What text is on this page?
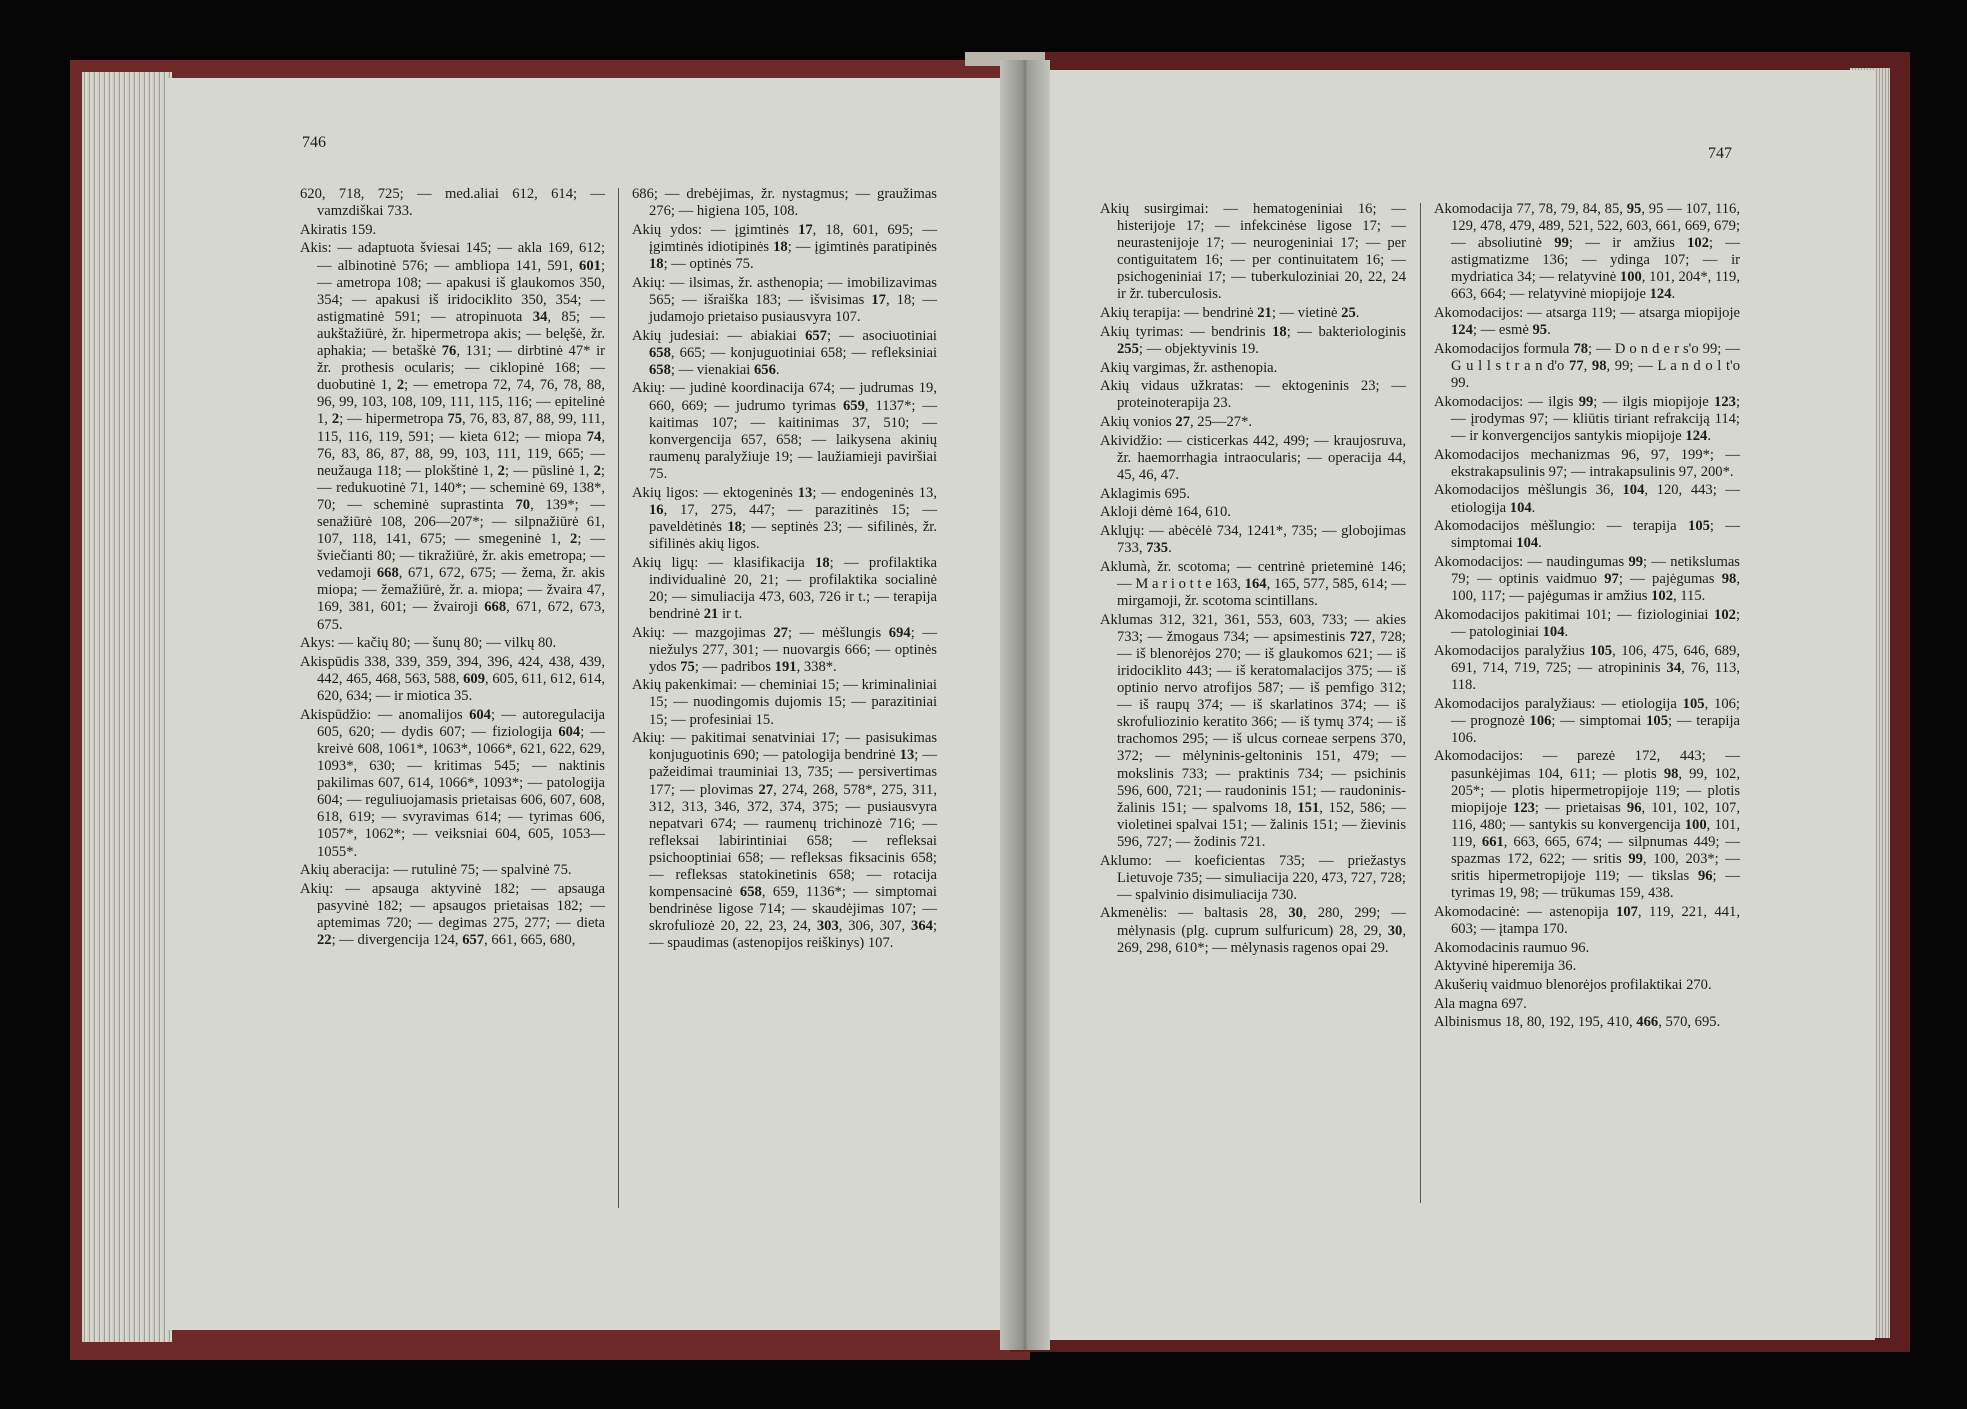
746
747

620, 718, 725; — med.aliai 612, 614; — vamzdiškai 733.

Akiratis 159.

Akis: — adaptuota šviesai 145; — akla 169, 612; — albinotinė 576; — ambliopa 141, 591, 601; — ametropa 108; — apakusi iš glaukomos 350, 354; — apakusi iš iridociklito 350, 354; — astigmatinė 591; — atropinuota 34, 85; — aukštažiūrė, žr. hipermetropa akis; — belęšė, žr. aphakia; — betaškė 76, 131; — dirbtinė 47* ir žr. prothesis ocularis; — ciklopinė 168; — duobutinė 1, 2; — emetropa 72, 74, 76, 78, 88, 96, 99, 103, 108, 109, 111, 115, 116; — epitelinė 1, 2; — hipermetropa 75, 76, 83, 87, 88, 99, 111, 115, 116, 119, 591; — kieta 612; — miopa 74, 76, 83, 86, 87, 88, 99, 103, 111, 119, 665; — neužauga 118; — plokštinė 1, 2; — pūslinė 1, 2; — redukuotinė 71, 140*; — scheminė 69, 138*, 70; — scheminė suprastinta 70, 139*; — senažiūrė 108, 206—207*; — silpnažiūrė 61, 107, 118, 141, 675; — smegeninė 1, 2; — šviečianti 80; — tikražiūrė, žr. akis emetropa; — vedamoji 668, 671, 672, 675; — žema, žr. akis miopa; — žemažiūrė, žr. a. miopa; — žvaira 47, 169, 381, 601; — žvairoji 668, 671, 672, 673, 675.

Akys: — kačių 80; — šunų 80; — vilkų 80.

Akispūdis 338, 339, 359, 394, 396, 424, 438, 439, 442, 465, 468, 563, 588, 609, 605, 611, 612, 614, 620, 634; — ir miotica 35.

Akispūdžio: — anomalijos 604; — autoregulacija 605, 620; — dydis 607; — fiziologija 604; — kreivė 608, 1061*, 1063*, 1066*, 621, 622, 629, 1093*, 630; — kritimas 545; — naktinis pakilimas 607, 614, 1066*, 1093*; — patologija 604; — reguliuojamasis prietaisas 606, 607, 608, 618, 619; — svyravimas 614; — tyrimas 606, 1057*, 1062*; — veiksniai 604, 605, 1053—1055*.

Akių aberacija: — rutulinė 75; — spalvinė 75.

Akių: — apsauga aktyvinė 182; — apsauga pasyvinė 182; — apsaugos prietaisas 182; — aptemimas 720; — degimas 275, 277; — dieta 22; — divergencija 124, 657, 661, 665, 680,

686; — drebėjimas, žr. nystagmus; — graužimas 276; — higiena 105, 108.

Akių ydos: — įgimtinės 17, 18, 601, 695; — įgimtinės idiotipinės 18; — įgimtinės paratipinės 18; — optinės 75.

Akių: — ilsimas, žr. asthenopia; — imobilizavimas 565; — išraiška 183; — išvisimas 17, 18; — judamojo prietaiso pusiausvyra 107.

Akių judesiai: — abiakiai 657; — asociuotiniai 658, 665; — konjuguotiniai 658; — refleksiniai 658; — vienakiai 656.

Akių: — judinė koordinacija 674; — judrumas 19, 660, 669; — judrumo tyrimas 659, 1137*; — kaitimas 107; — kaitinimas 37, 510; — konvergencija 657, 658; — laikysena akinių raumenų paralyžiuje 19; — laužiamieji paviršiai 75.

Akių ligos: — ektogeninės 13; — endogeninės 13, 16, 17, 275, 447; — parazitinės 15; — paveldėtinės 18; — septinės 23; — sifilinės, žr. sifilinės akių ligos.

Akių ligų: — klasifikacija 18; — profilaktika individualinė 20, 21; — profilaktika socialinė 20; — simuliacija 473, 603, 726 ir t.; — terapija bendrinė 21 ir t.

Akių: — mazgojimas 27; — mėšlungis 694; — niežulys 277, 301; — nuovargis 666; — optinės ydos 75; — padribos 191, 338*.

Akių pakenkimai: — cheminiai 15; — kriminaliniai 15; — nuodingomis dujomis 15; — parazitiniai 15; — profesiniai 15.

Akių: — pakitimai senatviniai 17; — pasisukimas konjuguotinis 690; — patologija bendrinė 13; — pažeidimai trauminiai 13, 735; — persivertimas 177; — plovimas 27, 274, 268, 578*, 275, 311, 312, 313, 346, 372, 374, 375; — pusiausvyra nepatvari 674; — raumenų trichinozė 716; — refleksai labirintiniai 658; — refleksai psichooptiniai 658; — refleksas fiksacinis 658; — refleksas statokinetinis 658; — rotacija kompensacinė 658, 659, 1136*; — simptomai bendrinėse ligose 714; — skaudėjimas 107; — skrofuliozė 20, 22, 23, 24, 303, 306, 307, 364; — spaudimas (astenopijos reiškinys) 107.

Akių susirgimai: — hematogeniniai 16; — histerijoje 17; — infekcinėse ligose 17; — neurastenijoje 17; — neurogeniniai 17; — per contiguitatem 16; — per continuitatem 16; — psichogeniniai 17; — tuberkuloziniai 20, 22, 24 ir žr. tuberculosis.

Akių terapija: — bendrinė 21; — vietinė 25.

Akių tyrimas: — bendrinis 18; — bakteriologinis 255; — objektyvinis 19.

Akių vargimas, žr. asthenopia.

Akių vidaus užkratas: — ektogeninis 23; — proteinoterapija 23.

Akių vonios 27, 25—27*.

Akividžio: — cisticerkas 442, 499; — kraujosruva, žr. haemorrhagia intraocularis; — operacija 44, 45, 46, 47.

Aklagimis 695.

Akloji dėmė 164, 610.

Aklųjų: — abėcėlė 734, 1241*, 735; — globojimas 733, 735.

Aklumà, žr. scotoma; — centrinė prieteminė 146; — M a r i o t t e 163, 164, 165, 577, 585, 614; — mirgamoji, žr. scotoma scintillans.

Aklumas 312, 321, 361, 553, 603, 733; — akies 733; — žmogaus 734; — apsimestinis 727, 728; — iš blenorėjos 270; — iš glaukomos 621; — iš iridociklito 443; — iš keratomalacijos 375; — iš optinio nervo atrofijos 587; — iš pemfigo 312; — iš raupų 374; — iš skarlatinos 374; — iš skrofuliozinio keratito 366; — iš tymų 374; — iš trachomos 295; — iš ulcus corneae serpens 370, 372; — mėlyninis-geltoninis 151, 479; — mokslinis 733; — praktinis 734; — psichinis 596, 600, 721; — raudoninis 151; — raudoninis-žalinis 151; — spalvoms 18, 151, 152, 586; — violetinei spalvai 151; — žalinis 151; — žievinis 596, 727; — žodinis 721.

Aklumo: — koeficientas 735; — priežastys Lietuvoje 735; — simuliacija 220, 473, 727, 728; — spalvinio disimuliacija 730.

Akmenėlis: — baltasis 28, 30, 280, 299; — mėlynasis (plg. cuprum sulfuricum) 28, 29, 30, 269, 298, 610*; — mėlynasis ragenos opai 29.

Akomodacija 77, 78, 79, 84, 85, 95, 95 — 107, 116, 129, 478, 479, 489, 521, 522, 603, 661, 669, 679; — absoliutinė 99; — ir amžius 102; — astigmatizme 136; — ydinga 107; — ir mydriatica 34; — relatyvinė 100, 101, 204*, 119, 663, 664; — relatyvinė miopijoje 124.

Akomodacijos: — atsarga 119; — atsarga miopijoje 124; — esmė 95.

Akomodacijos formula 78; — D o n d e r s'o 99; — G u l l s t r a n d'o 77, 98, 99; — L a n d o l t'o 99.

Akomodacijos: — ilgis 99; — ilgis miopijoje 123; — įrodymas 97; — kliūtis tiriant refrakciją 114; — ir konvergencijos santykis miopijoje 124.

Akomodacijos mechanizmas 96, 97, 199*; — ekstrakapsulinis 97; — intrakapsulinis 97, 200*.

Akomodacijos mėšlungis 36, 104, 120, 443; — etiologija 104.

Akomodacijos mėšlungio: — terapija 105; — simptomai 104.

Akomodacijos: — naudingumas 99; — netikslumas 79; — optinis vaidmuo 97; — pajėgumas 98, 100, 117; — pajėgumas ir amžius 102, 115.

Akomodacijos pakitimai 101; — fiziologiniai 102; — patologiniai 104.

Akomodacijos paralyžius 105, 106, 475, 646, 689, 691, 714, 719, 725; — atropininis 34, 76, 113, 118.

Akomodacijos paralyžiaus: — etiologija 105, 106; — prognozė 106; — simptomai 105; — terapija 106.

Akomodacijos: — parezė 172, 443; — pasunkėjimas 104, 611; — plotis 98, 99, 102, 205*; — plotis hipermetropijoje 119; — plotis miopijoje 123; — prietaisas 96, 101, 102, 107, 116, 480; — santykis su konvergencija 100, 101, 119, 661, 663, 665, 674; — silpnumas 449; — spazmas 172, 622; — sritis 99, 100, 203*; — sritis hipermetropijoje 119; — tikslas 96; — tyrimas 19, 98; — trūkumas 159, 438.

Akomodacinė: — astenopija 107, 119, 221, 441, 603; — įtampa 170.

Akomodacinis raumuo 96.

Aktyvinė hiperemija 36.

Akušerių vaidmuo blenorėjos profilaktikai 270.

Ala magna 697.

Albinismus 18, 80, 192, 195, 410, 466, 570, 695.
